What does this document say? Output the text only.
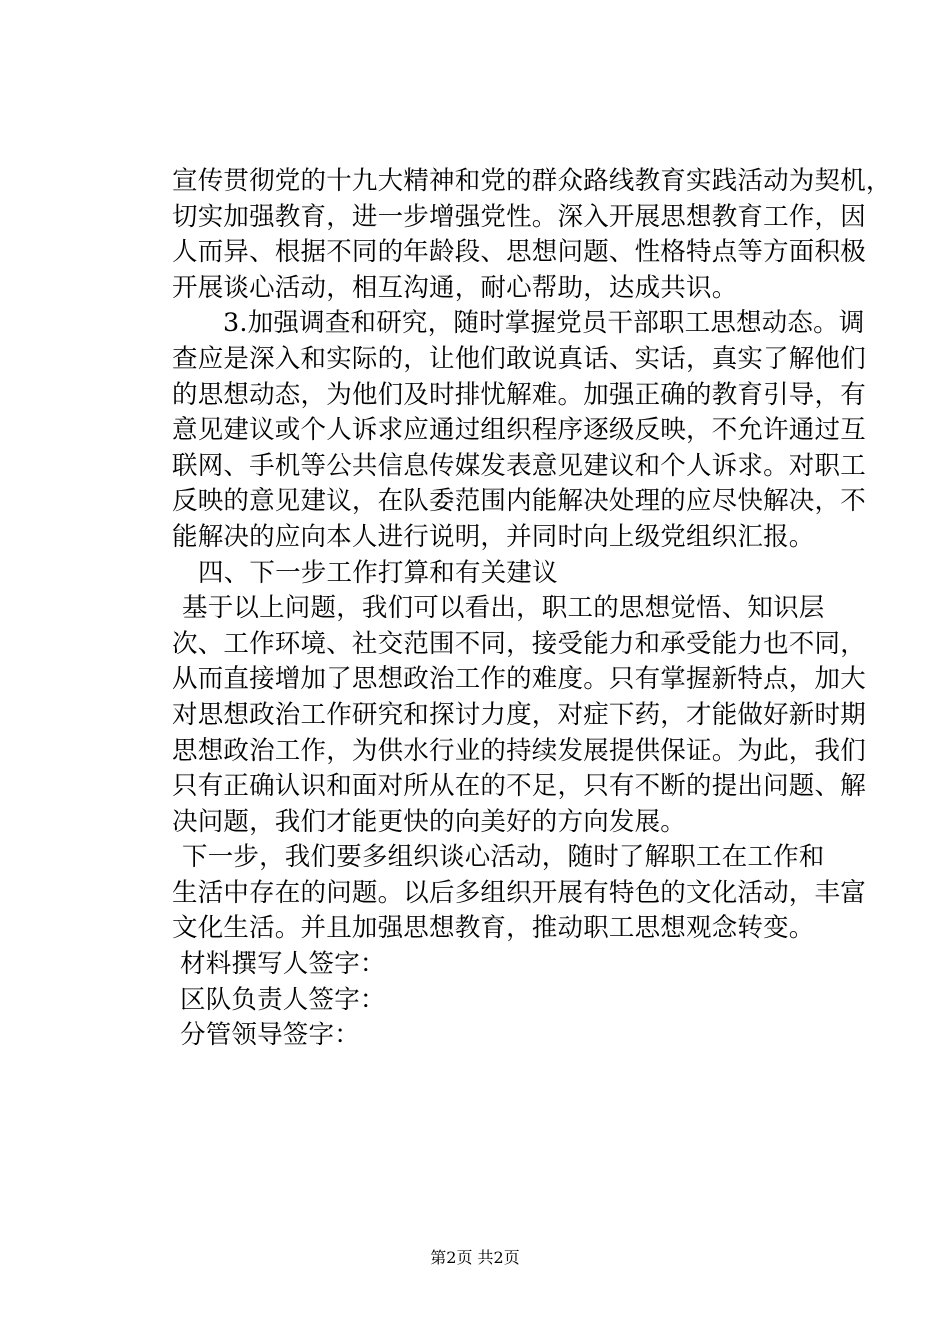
宣传贯彻党的十九大精神和党的群众路线教育实践活动为契机，
切实加强教育，进一步增强党性。深入开展思想教育工作，因
人而异、根据不同的年龄段、思想问题、性格特点等方面积极
开展谈心活动，相互沟通，耐心帮助，达成共识。
3.加强调查和研究，随时掌握党员干部职工思想动态。调
查应是深入和实际的，让他们敢说真话、实话，真实了解他们
的思想动态，为他们及时排忧解难。加强正确的教育引导，有
意见建议或个人诉求应通过组织程序逐级反映，不允许通过互
联网、手机等公共信息传媒发表意见建议和个人诉求。对职工
反映的意见建议，在队委范围内能解决处理的应尽快解决，不
能解决的应向本人进行说明，并同时向上级党组织汇报。
四、下一步工作打算和有关建议
基于以上问题，我们可以看出，职工的思想觉悟、知识层
次、工作环境、社交范围不同，接受能力和承受能力也不同，
从而直接增加了思想政治工作的难度。只有掌握新特点，加大
对思想政治工作研究和探讨力度，对症下药，才能做好新时期
思想政治工作，为供水行业的持续发展提供保证。为此，我们
只有正确认识和面对所从在的不足，只有不断的提出问题、解
决问题，我们才能更快的向美好的方向发展。
下一步，我们要多组织谈心活动，随时了解职工在工作和
生活中存在的问题。以后多组织开展有特色的文化活动，丰富
文化生活。并且加强思想教育，推动职工思想观念转变。
材料撰写人签字：
区队负责人签字：
分管领导签字：
第2页 共2页
